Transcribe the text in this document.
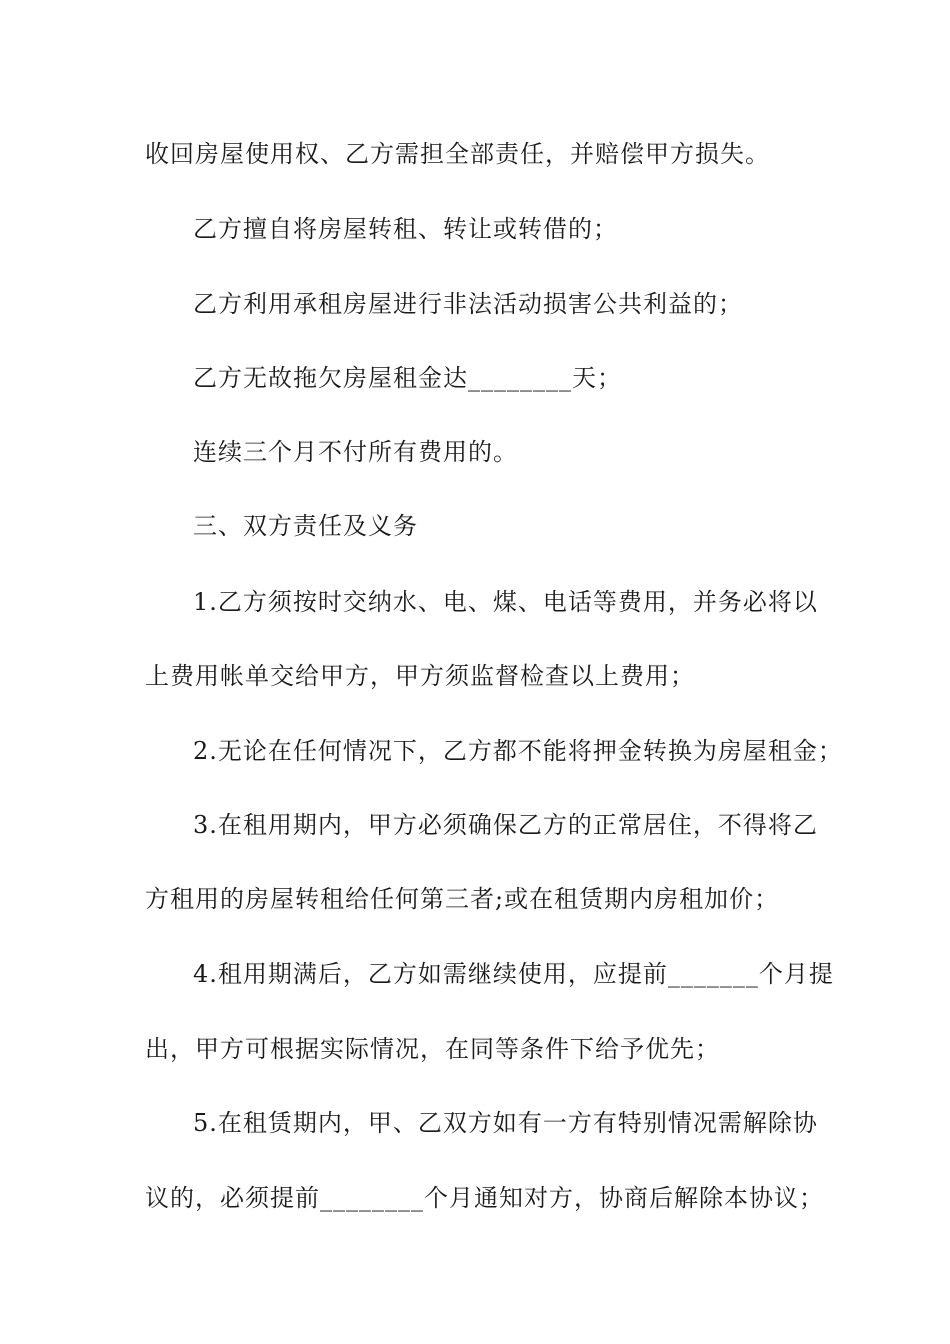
收回房屋使用权、乙方需担全部责任，并赔偿甲方损失。
乙方擅自将房屋转租、转让或转借的；
乙方利用承租房屋进行非法活动损害公共利益的；
乙方无故拖欠房屋租金达________天；
连续三个月不付所有费用的。
三、双方责任及义务
1.乙方须按时交纳水、电、煤、电话等费用，并务必将以
上费用帐单交给甲方，甲方须监督检查以上费用；
2.无论在任何情况下，乙方都不能将押金转换为房屋租金；
3.在租用期内，甲方必须确保乙方的正常居住，不得将乙
方租用的房屋转租给任何第三者;或在租赁期内房租加价；
4.租用期满后，乙方如需继续使用，应提前_______个月提
出，甲方可根据实际情况，在同等条件下给予优先；
5.在租赁期内，甲、乙双方如有一方有特别情况需解除协
议的，必须提前________个月通知对方，协商后解除本协议；
